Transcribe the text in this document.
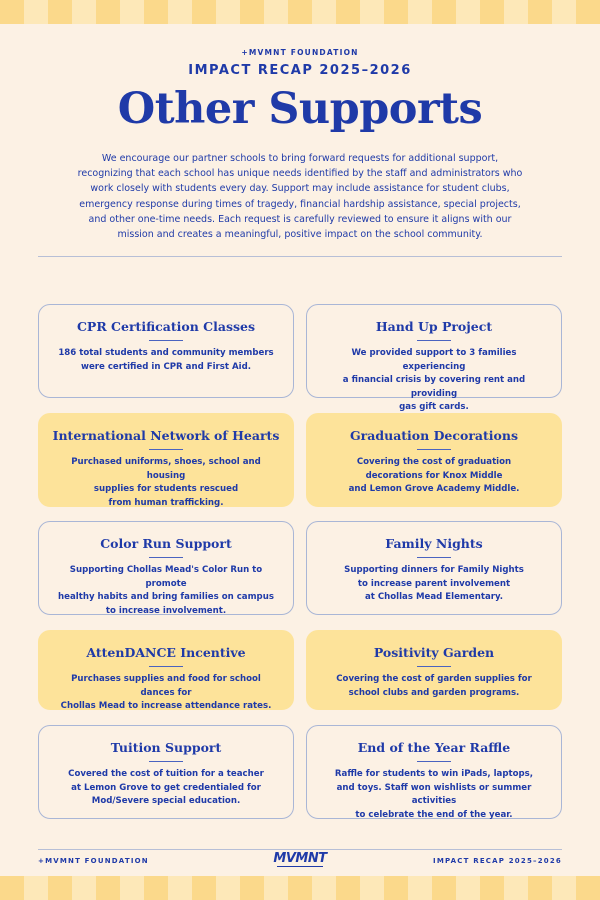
+MVMNT FOUNDATION
IMPACT RECAP 2025–2026
Other Supports

We encourage our partner schools to bring forward requests for additional support, recognizing that each school has unique needs identified by the staff and administrators who work closely with students every day. Support may include assistance for student clubs, emergency response during times of tragedy, financial hardship assistance, special projects, and other one-time needs. Each request is carefully reviewed to ensure it aligns with our mission and creates a meaningful, positive impact on the school community.

CPR Certification Classes
186 total students and community members
were certified in CPR and First Aid.
Hand Up Project
We provided support to 3 families experiencing
a financial crisis by covering rent and providing
gas gift cards.
International Network of Hearts
Purchased uniforms, shoes, school and housing
supplies for students rescued
from human trafficking.
Graduation Decorations
Covering the cost of graduation
decorations for Knox Middle
and Lemon Grove Academy Middle.
Color Run Support
Supporting Chollas Mead's Color Run to promote
healthy habits and bring families on campus
to increase involvement.
Family Nights
Supporting dinners for Family Nights
to increase parent involvement
at Chollas Mead Elementary.
AttenDANCE Incentive
Purchases supplies and food for school dances for
Chollas Mead to increase attendance rates.
Positivity Garden
Covering the cost of garden supplies for
school clubs and garden programs.
Tuition Support
Covered the cost of tuition for a teacher
at Lemon Grove to get credentialed for
Mod/Severe special education.
End of the Year Raffle
Raffle for students to win iPads, laptops,
and toys. Staff won wishlists or summer activities
to celebrate the end of the year.
+MVMNT FOUNDATION	MVMNT	IMPACT RECAP 2025–2026
